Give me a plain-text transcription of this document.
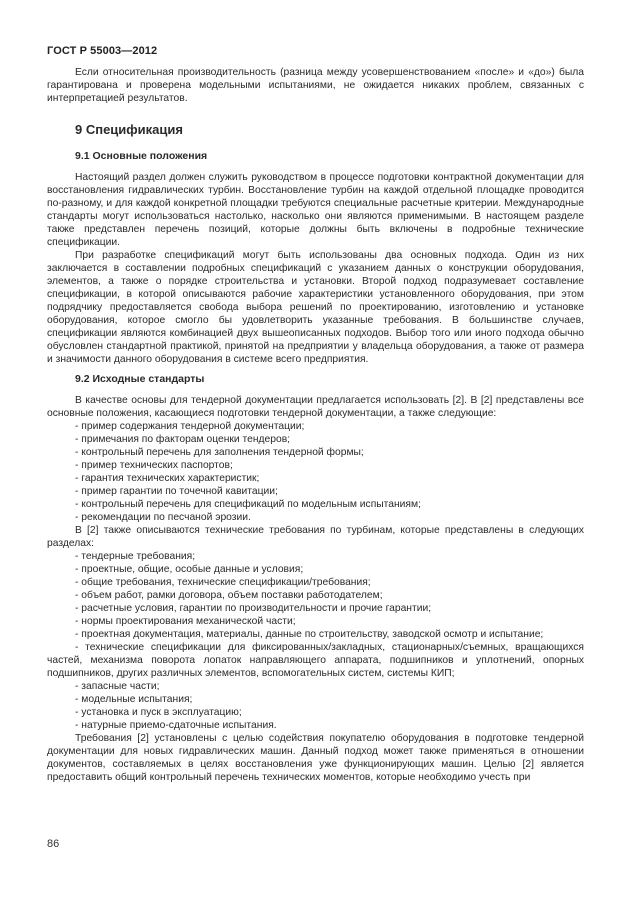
ГОСТ Р 55003—2012

Если относительная производительность (разница между усовершенствованием «после» и «до») была гарантирована и проверена модельными испытаниями, не ожидается никаких проблем, связанных с интерпретацией результатов.

9 Спецификация
9.1 Основные положения

Настоящий раздел должен служить руководством в процессе подготовки контрактной документации для восстановления гидравлических турбин. Восстановление турбин на каждой отдельной площадке проводится по-разному, и для каждой конкретной площадки требуются специальные расчетные критерии. Международные стандарты могут использоваться настолько, насколько они являются применимыми. В настоящем разделе также представлен перечень позиций, которые должны быть включены в подробные технические спецификации.

При разработке спецификаций могут быть использованы два основных подхода. Один из них заключается в составлении подробных спецификаций с указанием данных о конструкции оборудования, элементов, а также о порядке строительства и установки. Второй подход подразумевает составление спецификации, в которой описываются рабочие характеристики установленного оборудования, при этом подрядчику предоставляется свобода выбора решений по проектированию, изготовлению и установке оборудования, которое смогло бы удовлетворить указанные требования. В большинстве случаев, спецификации являются комбинацией двух вышеописанных подходов. Выбор того или иного подхода обычно обусловлен стандартной практикой, принятой на предприятии у владельца оборудования, а также от размера и значимости данного оборудования в системе всего предприятия.

9.2 Исходные стандарты

В качестве основы для тендерной документации предлагается использовать [2]. В [2] представлены все основные положения, касающиеся подготовки тендерной документации, а также следующие:

- пример содержания тендерной документации;

- примечания по факторам оценки тендеров;

- контрольный перечень для заполнения тендерной формы;

- пример технических паспортов;

- гарантия технических характеристик;

- пример гарантии по точечной кавитации;

- контрольный перечень для спецификаций по модельным испытаниям;

- рекомендации по песчаной эрозии.

В [2] также описываются технические требования по турбинам, которые представлены в следующих разделах:

- тендерные требования;

- проектные, общие, особые данные и условия;

- общие требования, технические спецификации/требования;

- объем работ, рамки договора, объем поставки работодателем;

- расчетные условия, гарантии по производительности и прочие гарантии;

- нормы проектирования механической части;

- проектная документация, материалы, данные по строительству, заводской осмотр и испытание;

- технические спецификации для фиксированных/закладных, стационарных/съемных, вращающихся частей, механизма поворота лопаток направляющего аппарата, подшипников и уплотнений, опорных подшипников, других различных элементов, вспомогательных систем, системы КИП;

- запасные части;

- модельные испытания;

- установка и пуск в эксплуатацию;

- натурные приемо-сдаточные испытания.

Требования [2] установлены с целью содействия покупателю оборудования в подготовке тендерной документации для новых гидравлических машин. Данный подход может также применяться в отношении документов, составляемых в целях восстановления уже функционирующих машин. Целью [2] является предоставить общий контрольный перечень технических моментов, которые необходимо учесть при

86
